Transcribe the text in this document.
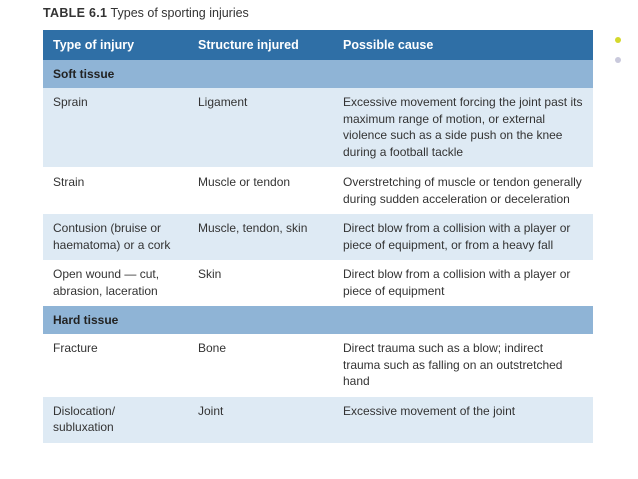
TABLE 6.1 Types of sporting injuries
Type of injury	Structure injured	Possible cause
Soft tissue		
Sprain	Ligament	Excessive movement forcing the joint past its maximum range of motion, or external violence such as a side push on the knee during a football tackle
Strain	Muscle or tendon	Overstretching of muscle or tendon generally during sudden acceleration or deceleration
Contusion (bruise or haematoma) or a cork	Muscle, tendon, skin	Direct blow from a collision with a player or piece of equipment, or from a heavy fall
Open wound — cut, abrasion, laceration	Skin	Direct blow from a collision with a player or piece of equipment
Hard tissue		
Fracture	Bone	Direct trauma such as a blow; indirect trauma such as falling on an outstretched hand
Dislocation/ subluxation	Joint	Excessive movement of the joint
